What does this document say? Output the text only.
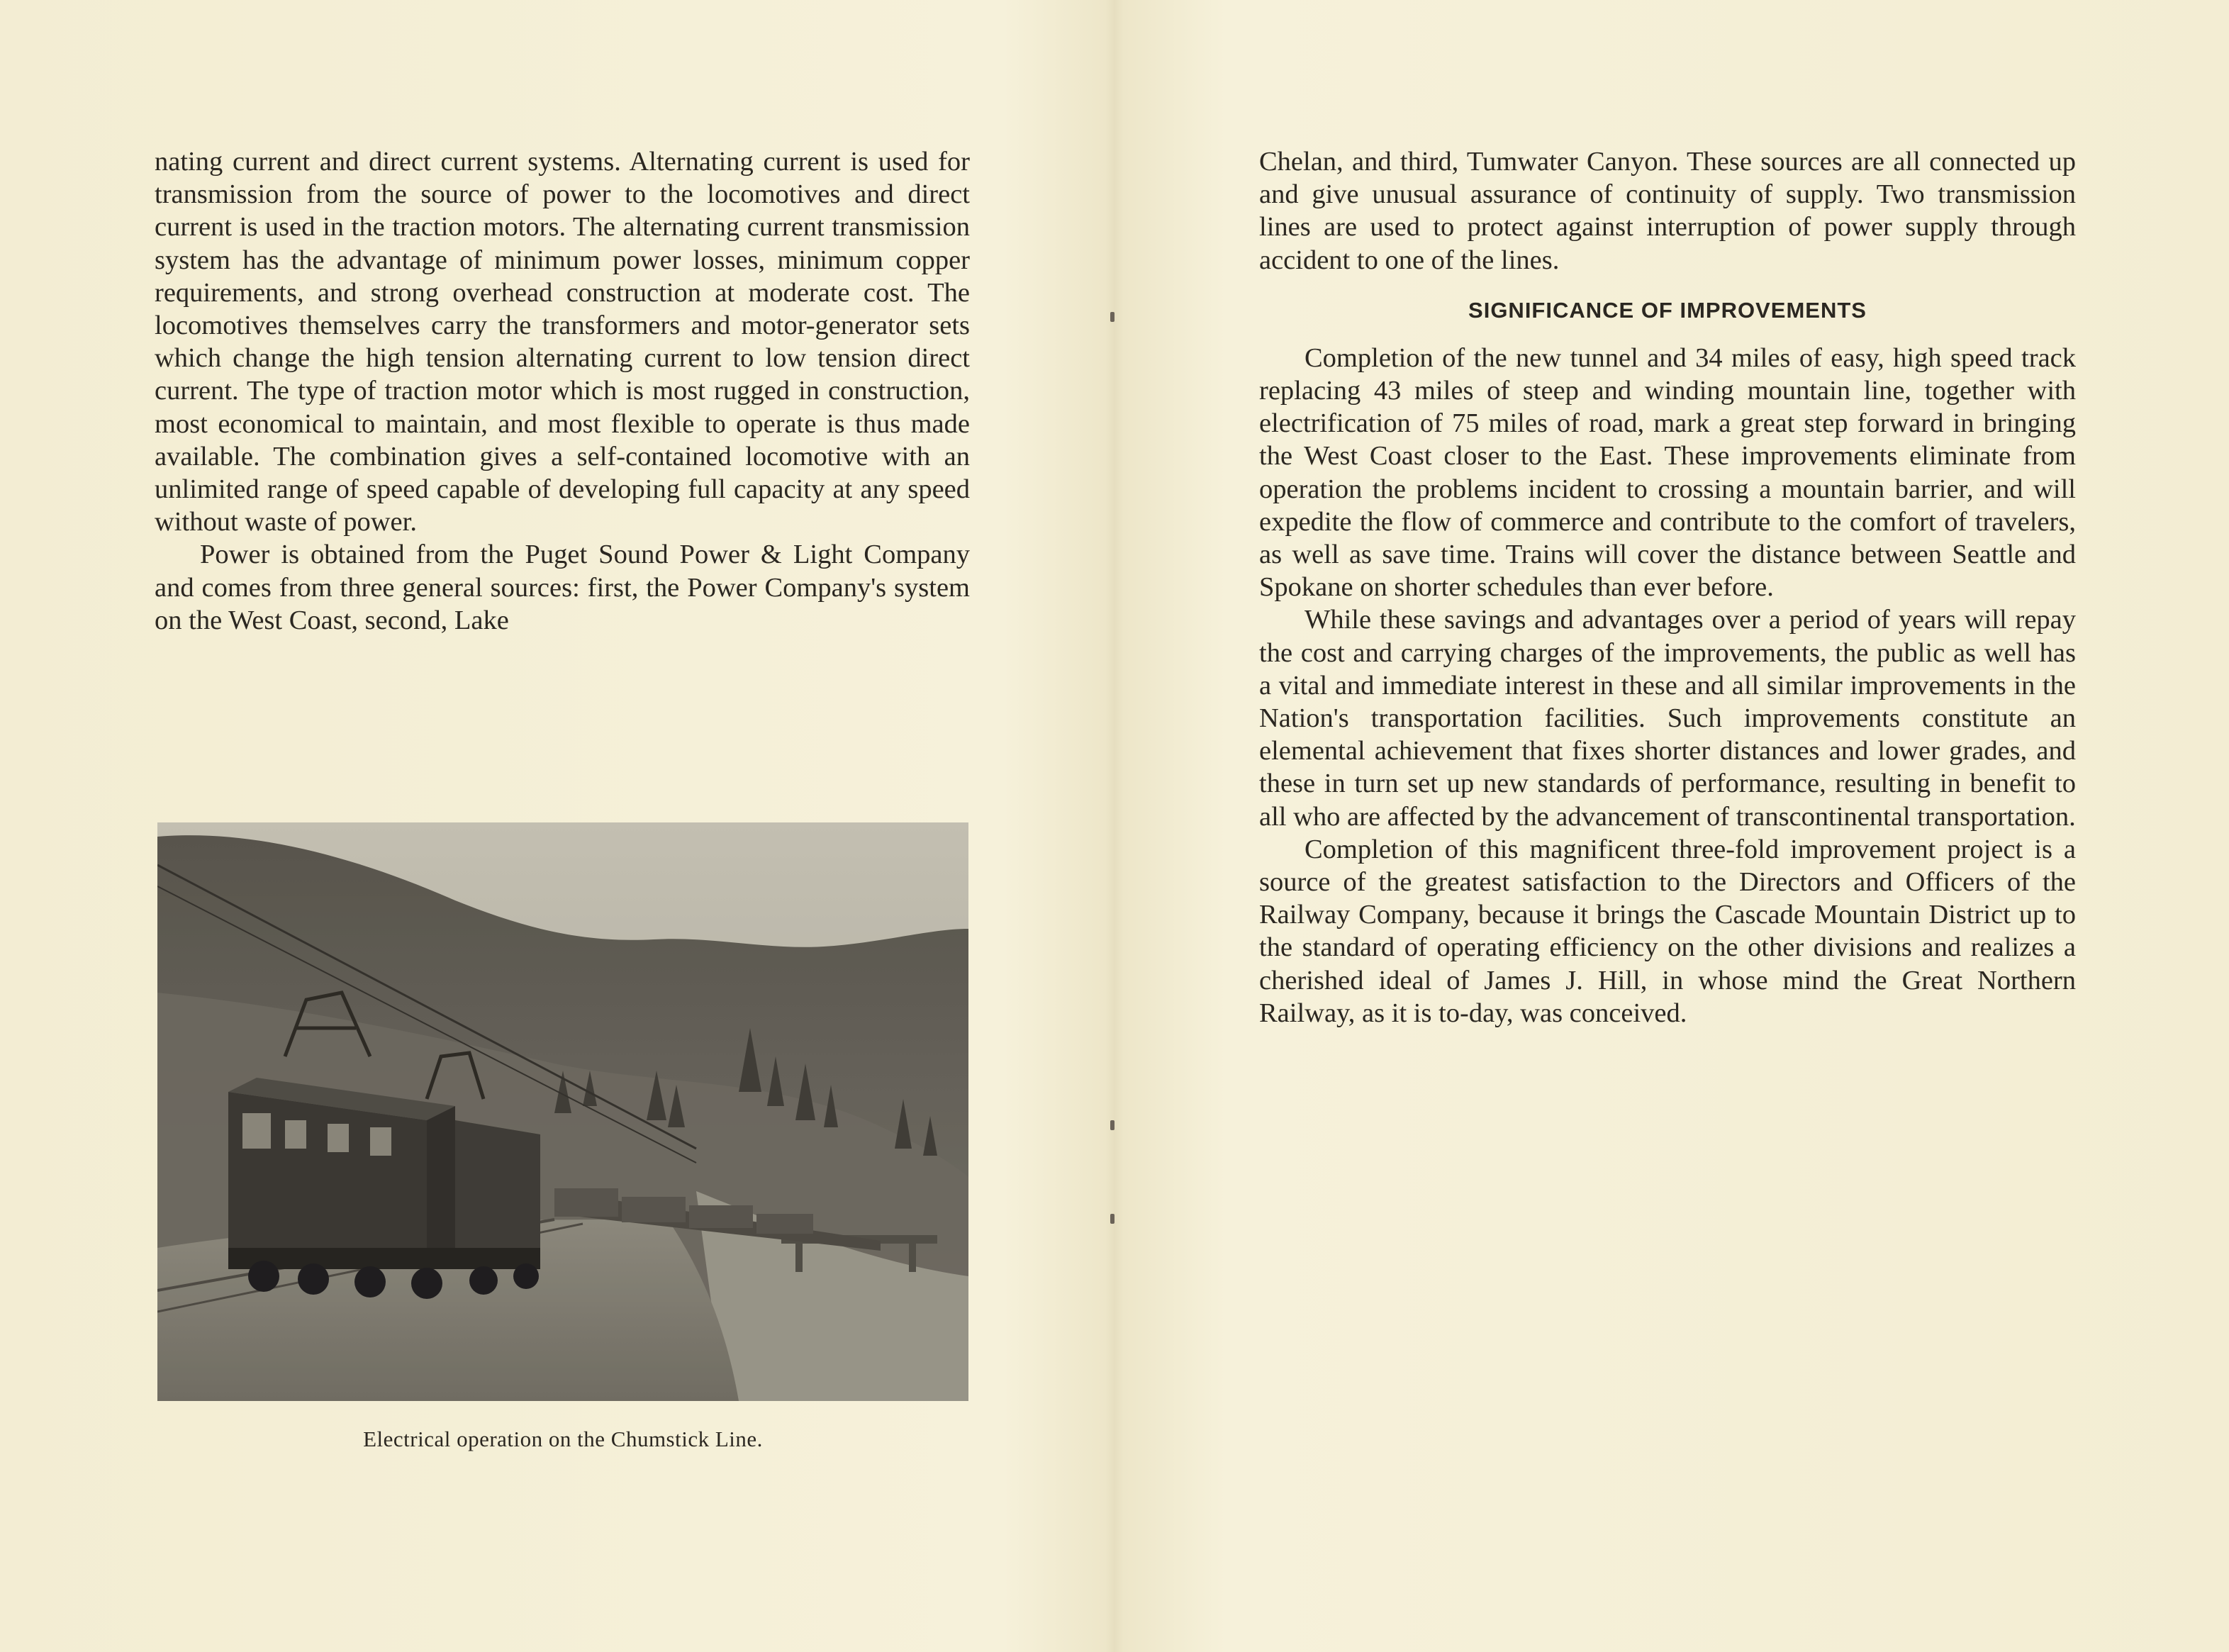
nating current and direct current systems. Alternating current is used for transmission from the source of power to the locomotives and direct current is used in the traction motors. The alternating current transmission system has the advantage of minimum power losses, minimum copper requirements, and strong overhead construction at moderate cost. The locomotives themselves carry the transformers and motor-generator sets which change the high tension alternating current to low tension direct current. The type of traction motor which is most rugged in construction, most economical to maintain, and most flexible to operate is thus made available. The combination gives a self-contained locomotive with an unlimited range of speed capable of developing full capacity at any speed without waste of power.

Power is obtained from the Puget Sound Power & Light Company and comes from three general sources: first, the Power Company's system on the West Coast, second, Lake

Electrical operation on the Chumstick Line.

Chelan, and third, Tumwater Canyon. These sources are all connected up and give unusual assurance of continuity of supply. Two transmission lines are used to protect against interruption of power supply through accident to one of the lines.

SIGNIFICANCE OF IMPROVEMENTS

Completion of the new tunnel and 34 miles of easy, high speed track replacing 43 miles of steep and winding mountain line, together with electrification of 75 miles of road, mark a great step forward in bringing the West Coast closer to the East. These improvements eliminate from operation the problems incident to crossing a mountain barrier, and will expedite the flow of commerce and contribute to the comfort of travelers, as well as save time. Trains will cover the distance between Seattle and Spokane on shorter schedules than ever before.

While these savings and advantages over a period of years will repay the cost and carrying charges of the improvements, the public as well has a vital and immediate interest in these and all similar improvements in the Nation's transportation facilities. Such improvements constitute an elemental achievement that fixes shorter distances and lower grades, and these in turn set up new standards of performance, resulting in benefit to all who are affected by the advancement of transcontinental transportation.

Completion of this magnificent three-fold improvement project is a source of the greatest satisfaction to the Directors and Officers of the Railway Company, because it brings the Cascade Mountain District up to the standard of operating efficiency on the other divisions and realizes a cherished ideal of James J. Hill, in whose mind the Great Northern Railway, as it is to-day, was conceived.
